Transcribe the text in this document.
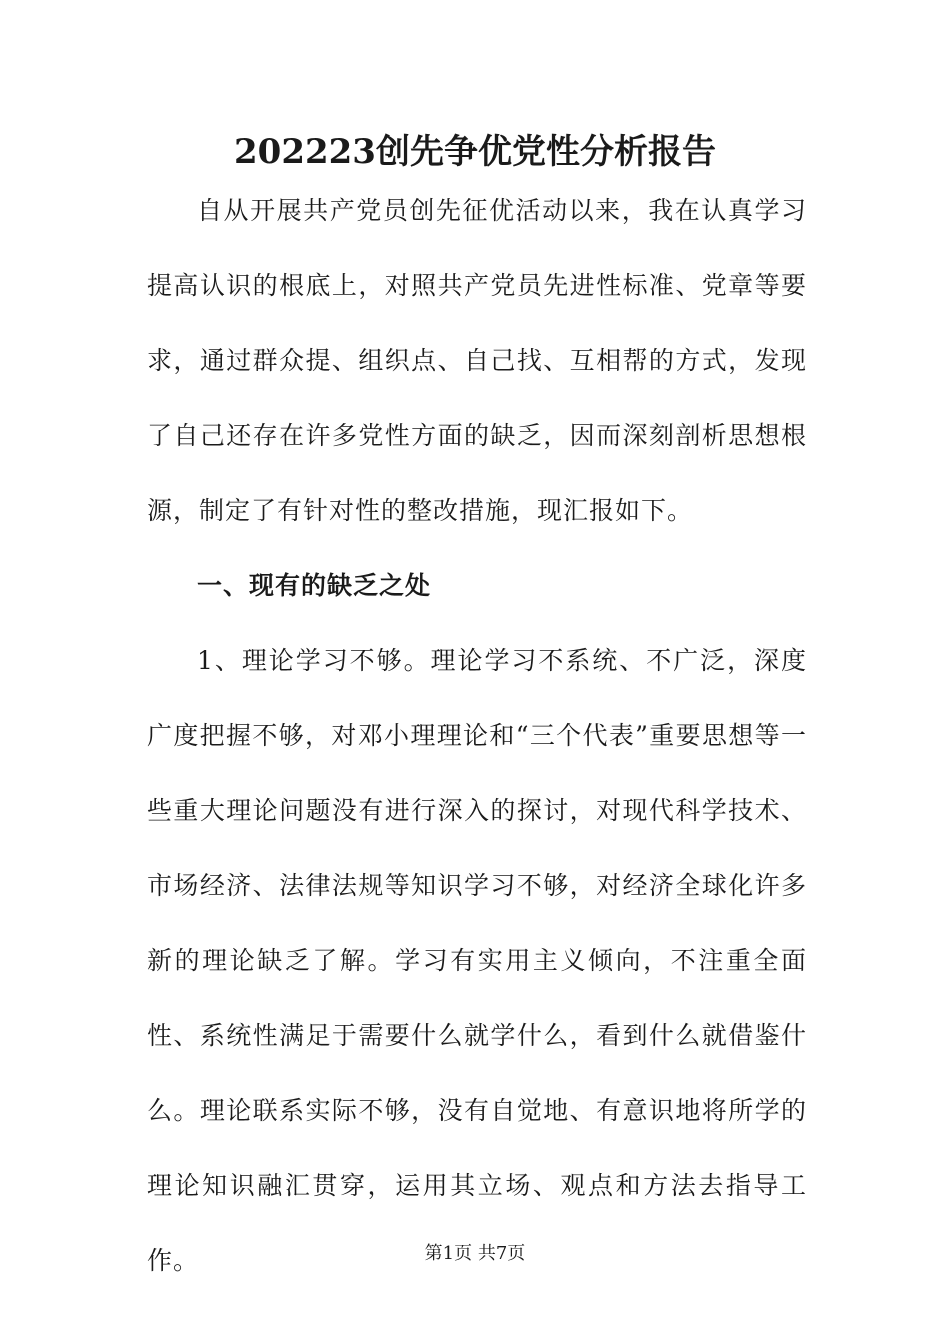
202223创先争优党性分析报告

自从开展共产党员创先征优活动以来，我在认真学习提高认识的根底上，对照共产党员先进性标准、党章等要求，通过群众提、组织点、自己找、互相帮的方式，发现了自己还存在许多党性方面的缺乏，因而深刻剖析思想根源，制定了有针对性的整改措施，现汇报如下。

一、现有的缺乏之处

1、理论学习不够。理论学习不系统、不广泛，深度广度把握不够，对邓小理理论和“三个代表”重要思想等一些重大理论问题没有进行深入的探讨，对现代科学技术、市场经济、法律法规等知识学习不够，对经济全球化许多新的理论缺乏了解。学习有实用主义倾向，不注重全面性、系统性满足于需要什么就学什么，看到什么就借鉴什么。理论联系实际不够，没有自觉地、有意识地将所学的理论知识融汇贯穿，运用其立场、观点和方法去指导工作。	第1页 共7页
